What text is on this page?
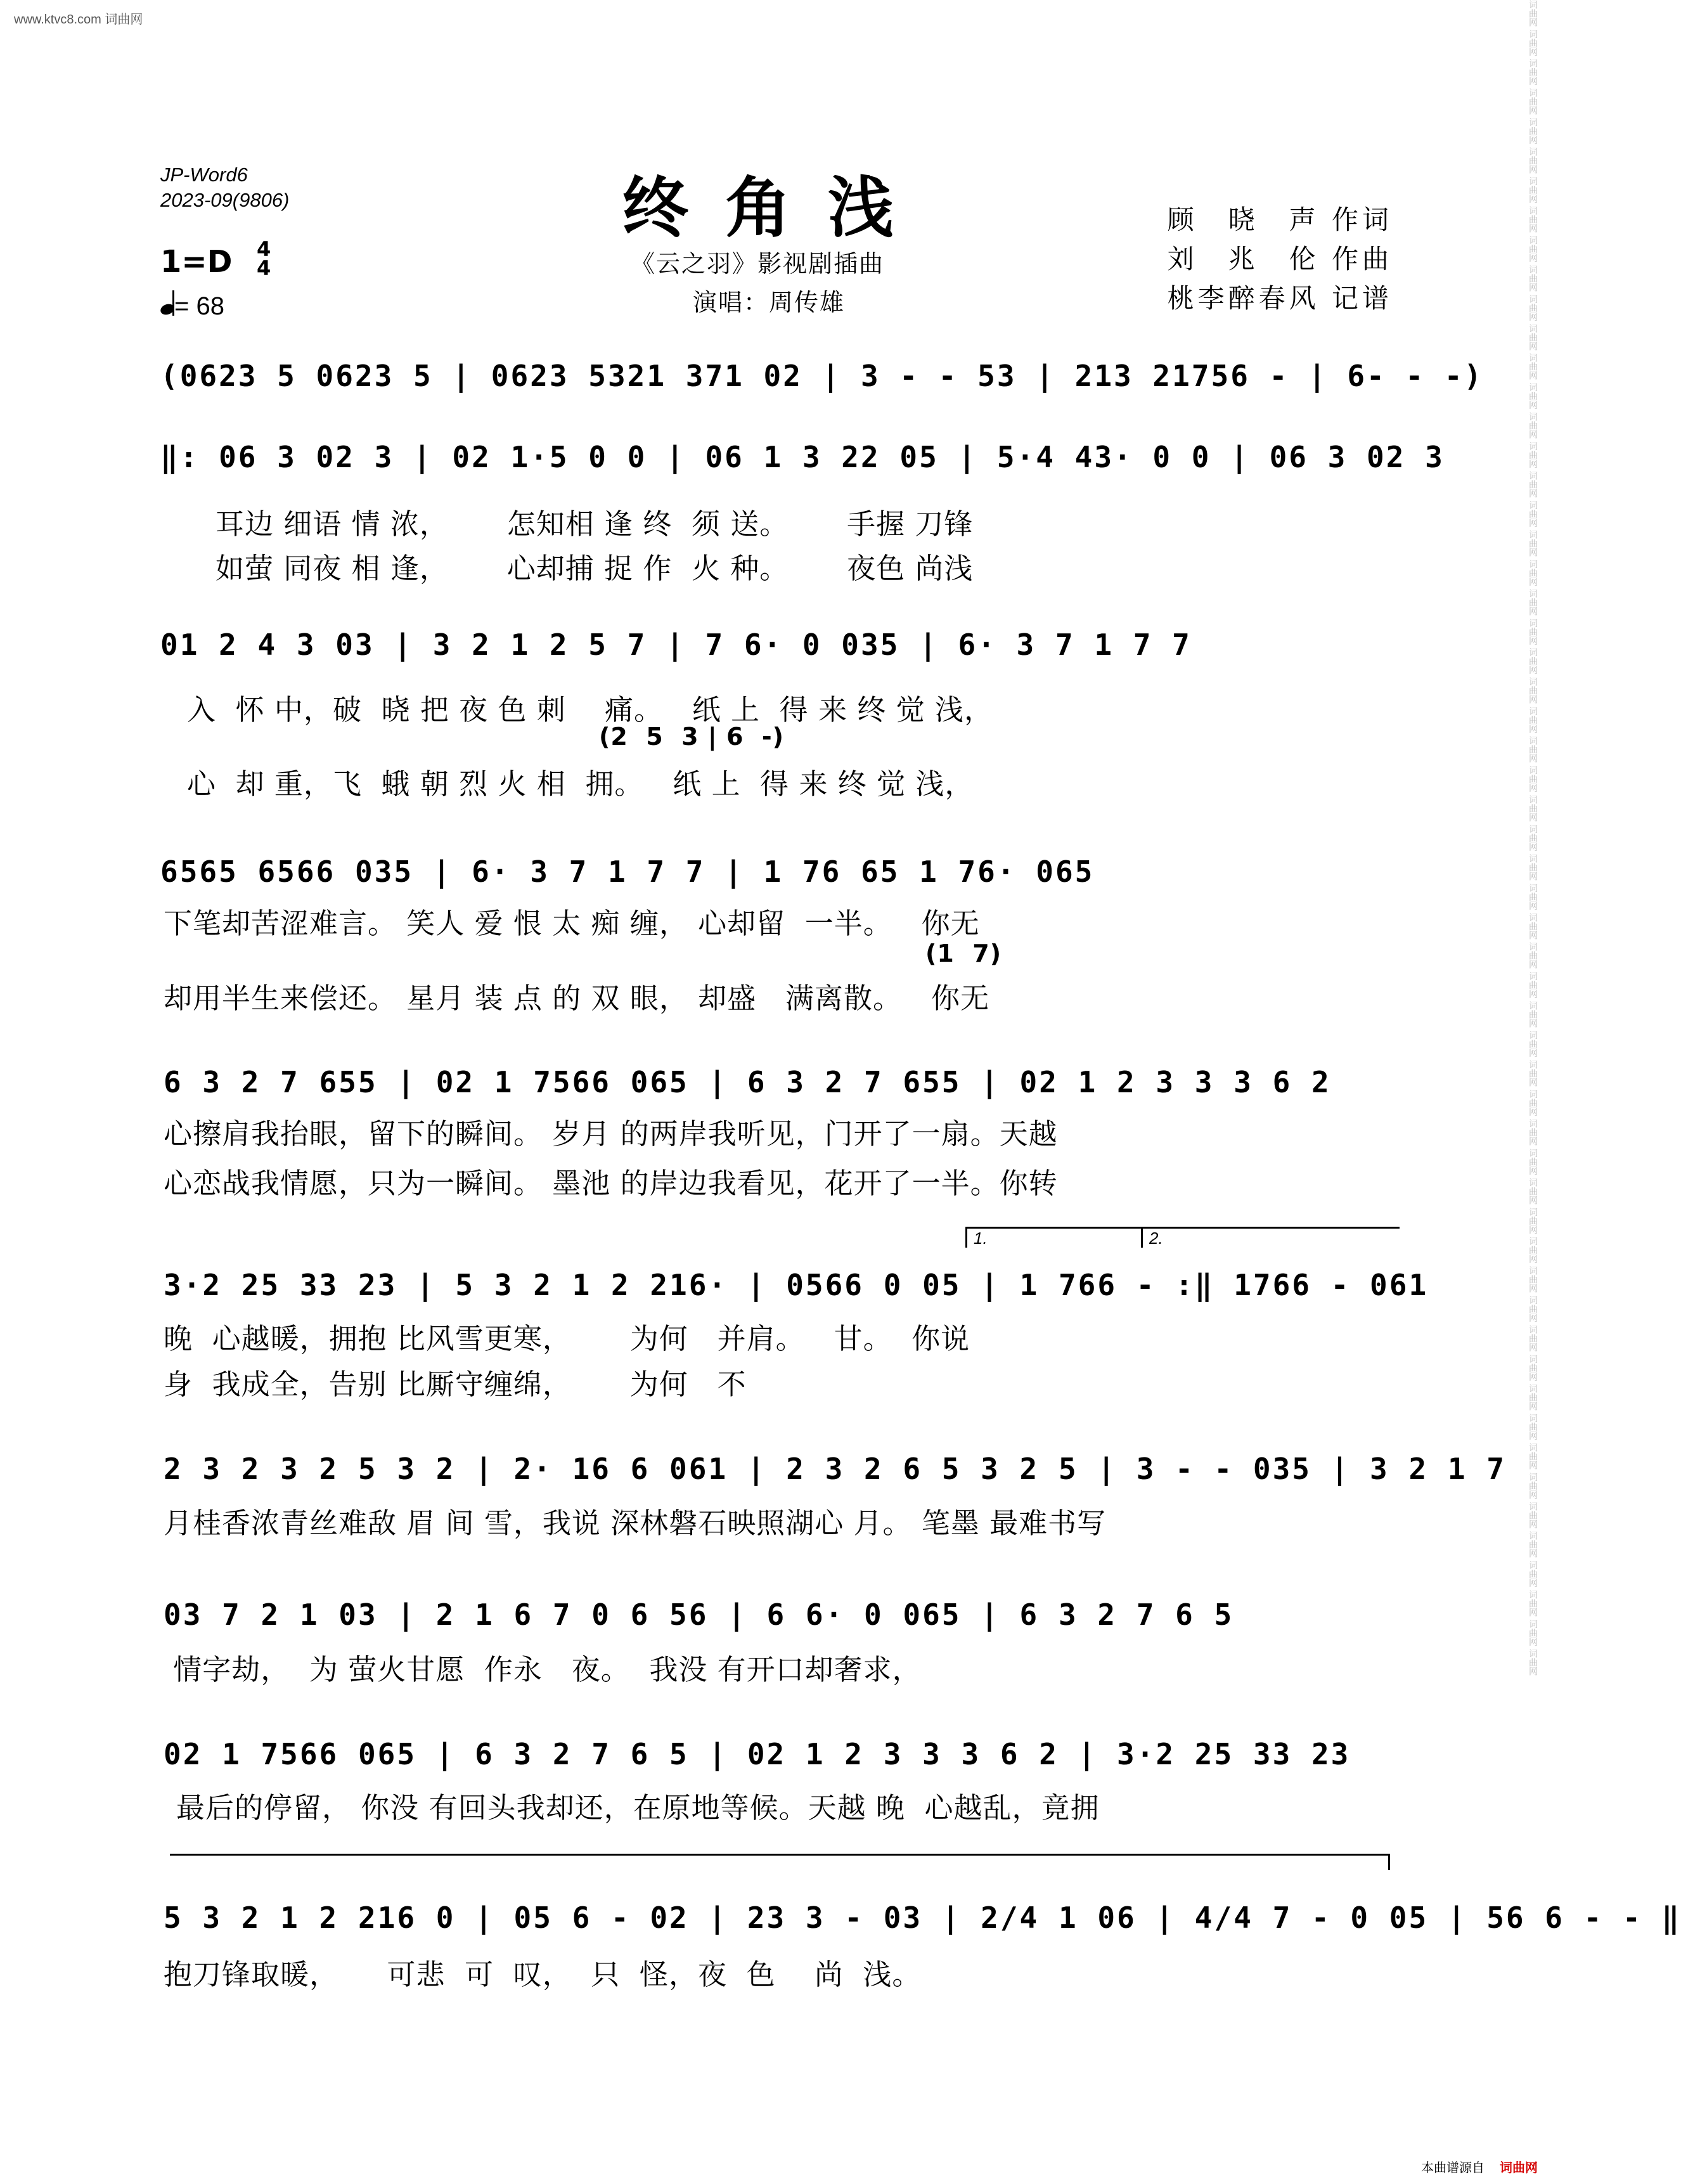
www.ktvc8.com 词曲网	词曲网 词曲网 词曲网 词曲网 词曲网 词曲网 词曲网 词曲网 词曲网 词曲网 词曲网 词曲网 词曲网 词曲网 词曲网 词曲网 词曲网 词曲网 词曲网 词曲网 词曲网 词曲网 词曲网 词曲网 词曲网 词曲网 词曲网 词曲网 词曲网 词曲网 词曲网 词曲网 词曲网 词曲网 词曲网 词曲网 词曲网 词曲网 词曲网 词曲网 词曲网 词曲网 词曲网 词曲网 词曲网 词曲网 词曲网 词曲网 词曲网 词曲网 词曲网 词曲网 词曲网 词曲网 词曲网 词曲网 词曲网
JP-Word6
2023-09(9806)	终角浅
《云之羽》影视剧插曲
演唱：周传雄
顾　晓　声 作词
刘　兆　伦 作曲
桃李醉春风 记谱
1=D 4
4
= 68
(0623 5 0623 5 | 0623 5321 371 02 | 3 - - 53 | 213 21756 - | 6- - -)
‖: 06 3 02 3 | 02 1·5 0 0 | 06 1 3 22 05 | 5·4 43· 0 0 | 06 3 02 3
耳边 细语 情 浓，      怎知相 逢 终  须 送。      手握 刀锋
如萤 同夜 相 逢，      心却捕 捉 作  火 种。      夜色 尚浅
01 2 4 3 03 | 3 2 1 2 5 7 | 7 6· 0 035 | 6· 3 7 1 7 7
入  怀 中，破  晓 把 夜 色 刺    痛。   纸 上  得 来 终 觉 浅，
(2  5  3 | 6  -)
心  却 重，飞  蛾 朝 烈 火 相  拥。   纸 上  得 来 终 觉 浅，
6565 6566 035 | 6· 3 7 1 7 7 | 1 76 65 1 76· 065
下笔却苦涩难言。 笑人 爱 恨 太 痴 缠， 心却留  一半。   你无
(1  7)
却用半生来偿还。 星月 装 点 的 双 眼， 却盛   满离散。   你无
6 3 2 7 655 | 02 1 7566 065 | 6 3 2 7 655 | 02 1 2 3 3 3 6 2
心擦肩我抬眼，留下的瞬间。 岁月 的两岸我听见，门开了一扇。天越
心恋战我情愿，只为一瞬间。 墨池 的岸边我看见，花开了一半。你转
1.	2.
3·2 25 33 23 | 5 3 2 1 2 216· | 0566 0 05 | 1 766 - :‖ 1766 - 061
晚  心越暖，拥抱 比风雪更寒，      为何   并肩。   甘。  你说
身  我成全，告别 比厮守缠绵，      为何   不
2 3 2 3 2 5 3 2 | 2· 16 6 061 | 2 3 2 6 5 3 2 5 | 3 - - 035 | 3 2 1 7
月桂香浓青丝难敌 眉 间 雪，我说 深林磐石映照湖心 月。 笔墨 最难书写
03 7 2 1 03 | 2 1 6 7 0 6 56 | 6 6· 0 065 | 6 3 2 7 6 5
情字劫，  为 萤火甘愿  作永   夜。  我没 有开口却奢求，
02 1 7566 065 | 6 3 2 7 6 5 | 02 1 2 3 3 3 6 2 | 3·2 25 33 23
最后的停留， 你没 有回头我却还，在原地等候。天越 晚  心越乱，竟拥
5 3 2 1 2 216 0 | 05 6 - 02 | 23 3 - 03 | 2/4 1 06 | 4/4 7 - 0 05 | 56 6 - - ‖
抱刀锋取暖，     可悲  可  叹，  只  怪，夜  色    尚  浅。
本曲谱源自 词曲网
